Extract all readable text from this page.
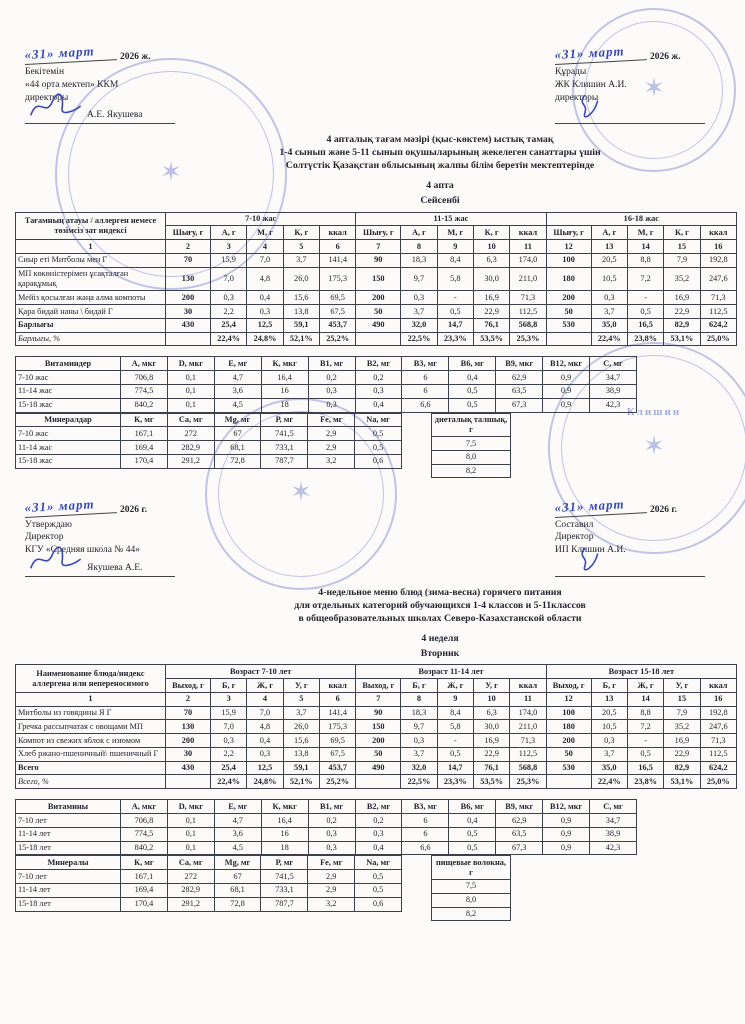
✶
✶
✶
Клишин
✶
«31» март	2026 ж.
Бекітемін
«44 орта мектеп» ККМ
директоры
А.Е. Якушева
«31» март	2026 ж.
Құрады
ЖК Клишин А.И.
директоры
4 апталық тағам мәзірі (қыс-көктем) ыстық тамақ
1-4 сынып және 5-11 сынып оқушыларының жекелеген санаттары үшін
Солтүстік Қазақстан облысының жалпы білім беретін мектептерінде
4 апта
Сейсенбі
Тағамның атауы / аллерген немесе төзімсіз зат индексі	7-10 жас					11-15 жас					16-18 жас				
	Шығу, г	А, г	М, г	К, г	ккал	Шығу, г	А, г	М, г	К, г	ккал	Шығу, г	А, г	М, г	К, г	ккал
1	2	3	4	5	6	7	8	9	10	11	12	13	14	15	16
Сиыр еті Митболы мен Г	70	15,9	7,0	3,7	141,4	90	18,3	8,4	6,3	174,0	100	20,5	8,8	7,9	192,8
МП көкөністерімен ұсақталған қарақұмық	130	7,0	4,8	26,0	175,3	150	9,7	5,8	30,0	211,0	180	10,5	7,2	35,2	247,6
Мейіз қосылған жаңа алма компоты	200	0,3	0,4	15,6	69,5	200	0,3	-	16,9	71,3	200	0,3	-	16,9	71,3
Қара бидай наны \ бидай Г	30	2,2	0,3	13,8	67,5	50	3,7	0,5	22,9	112,5	50	3,7	0,5	22,9	112,5
Барлығы	430	25,4	12,5	59,1	453,7	490	32,0	14,7	76,1	568,8	530	35,0	16,5	82,9	624,2
Барлығы, %		22,4%	24,8%	52,1%	25,2%		22,5%	23,3%	53,5%	25,3%		22,4%	23,8%	53,1%	25,0%
Витаминдер	А, мкг	D, мкг	Е, мг	К, мкг	В1, мг	В2, мг	В3, мг	В6, мг	В9, мкг	В12, мкг	С, мг
7-10 жас	706,8	0,1	4,7	16,4	0,2	0,2	6	0,4	62,9	0,9	34,7
11-14 жас	774,5	0,1	3,6	16	0,3	0,3	6	0,5	63,5	0,9	38,9
15-18 жас	840,2	0,1	4,5	18	0,3	0,4	6,6	0,5	67,3	0,9	42,3
Минералдар	К, мг	Са, мг	Mg, мг	Р, мг	Fe, мг	Na, мг
7-10 жас	167,1	272	67	741,5	2,9	0,5
11-14 жас	169,4	282,9	68,1	733,1	2,9	0,5
15-18 жас	170,4	291,2	72,8	787,7	3,2	0,6
диеталық талшық, г
7,5
8,0
8,2
«31» март	2026 г.
Утверждаю
Директор
КГУ «Средняя школа № 44»
Якушева А.Е.
«31» март	2026 г.
Составил
Директор
ИП Клишин А.И.
4-недельное меню блюд (зима-весна) горячего питания
для отдельных категорий обучающихся 1-4 классов и 5-11классов
в общеобразовательных школах Северо-Казахстанской области
4 неделя
Вторник
Наименование блюда/индекс аллергена или непереносимого	Возраст 7-10 лет					Возраст 11-14 лет					Возраст 15-18 лет				
	Выход, г	Б, г	Ж, г	У, г	ккал	Выход, г	Б, г	Ж, г	У, г	ккал	Выход, г	Б, г	Ж, г	У, г	ккал
1	2	3	4	5	6	7	8	9	10	11	12	13	14	15	16
Митболы из говядины Я Г	70	15,9	7,0	3,7	141,4	90	18,3	8,4	6,3	174,0	100	20,5	8,8	7,9	192,8
Гречка рассыпчатая с овощами МП	130	7,0	4,8	26,0	175,3	150	9,7	5,8	30,0	211,0	180	10,5	7,2	35,2	247,6
Компот из свежих яблок с изюмом	200	0,3	0,4	15,6	69,5	200	0,3	-	16,9	71,3	200	0,3	-	16,9	71,3
Хлеб ржано-пшеничный\ пшеничный Г	30	2,2	0,3	13,8	67,5	50	3,7	0,5	22,9	112,5	50	3,7	0,5	22,9	112,5
Всего	430	25,4	12,5	59,1	453,7	490	32,0	14,7	76,1	568,8	530	35,0	16,5	82,9	624,2
Всего, %		22,4%	24,8%	52,1%	25,2%		22,5%	23,3%	53,5%	25,3%		22,4%	23,8%	53,1%	25,0%
Витамины	А, мкг	D, мкг	Е, мг	К, мкг	В1, мг	В2, мг	В3, мг	В6, мг	В9, мкг	В12, мкг	С, мг
7-10 лет	706,8	0,1	4,7	16,4	0,2	0,2	6	0,4	62,9	0,9	34,7
11-14 лет	774,5	0,1	3,6	16	0,3	0,3	6	0,5	63,5	0,9	38,9
15-18 лет	840,2	0,1	4,5	18	0,3	0,4	6,6	0,5	67,3	0,9	42,3
Минералы	К, мг	Са, мг	Mg, мг	Р, мг	Fe, мг	Na, мг
7-10 лет	167,1	272	67	741,5	2,9	0,5
11-14 лет	169,4	282,9	68,1	733,1	2,9	0,5
15-18 лет	170,4	291,2	72,8	787,7	3,2	0,6
пищевые волокна, г
7,5
8,0
8,2
